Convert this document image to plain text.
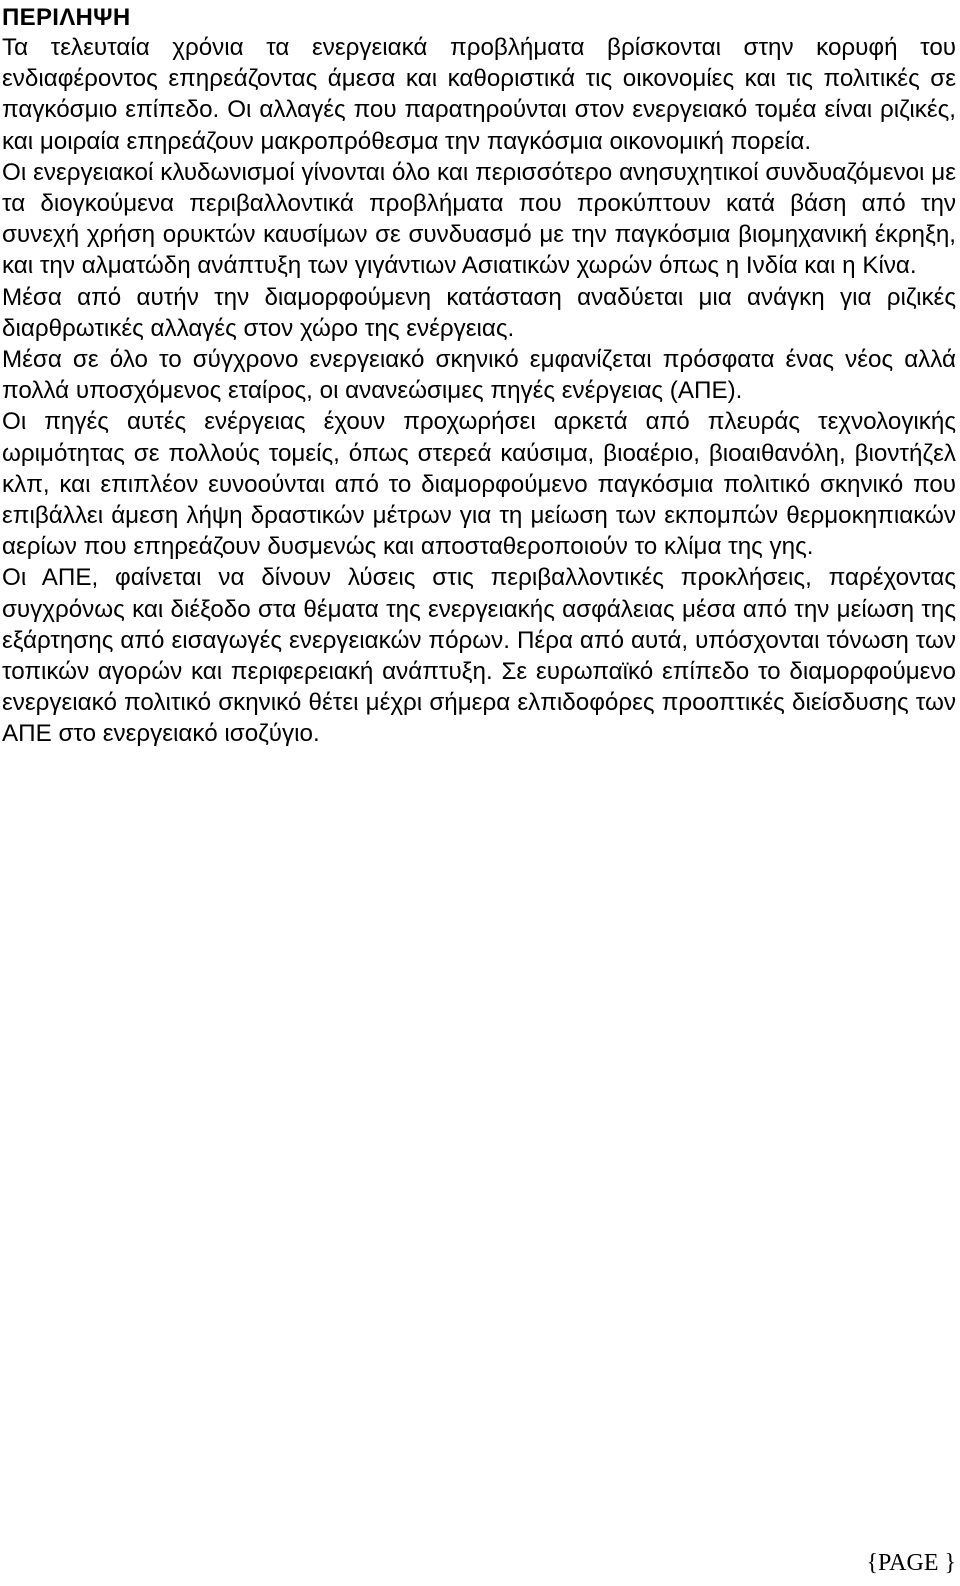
ΠΕΡΙΛΗΨΗ

Τα τελευταία χρόνια τα ενεργειακά προβλήματα βρίσκονται στην κορυφή του ενδιαφέροντος επηρεάζοντας άμεσα και καθοριστικά τις οικονομίες και τις πολιτικές σε παγκόσμιο επίπεδο. Οι αλλαγές που παρατηρούνται στον ενεργειακό τομέα είναι ριζικές, και μοιραία επηρεάζουν μακροπρόθεσμα την παγκόσμια οικονομική πορεία.

Οι ενεργειακοί κλυδωνισμοί γίνονται όλο και περισσότερο ανησυχητικοί συνδυαζόμενοι με τα διογκούμενα περιβαλλοντικά προβλήματα που προκύπτουν κατά βάση από την συνεχή χρήση ορυκτών καυσίμων σε συνδυασμό με την παγκόσμια βιομηχανική έκρηξη, και την αλματώδη ανάπτυξη των γιγάντιων Ασιατικών χωρών όπως η Ινδία και η Κίνα.

Μέσα από αυτήν την διαμορφούμενη κατάσταση αναδύεται μια ανάγκη για ριζικές διαρθρωτικές αλλαγές στον χώρο της ενέργειας.

Μέσα σε όλο το σύγχρονο ενεργειακό σκηνικό εμφανίζεται πρόσφατα ένας νέος αλλά πολλά υποσχόμενος εταίρος, οι ανανεώσιμες πηγές ενέργειας (ΑΠΕ).

Οι πηγές αυτές ενέργειας έχουν προχωρήσει αρκετά από πλευράς τεχνολογικής ωριμότητας σε πολλούς τομείς, όπως στερεά καύσιμα, βιοαέριο, βιοαιθανόλη, βιοντήζελ κλπ, και επιπλέον ευνοούνται από το διαμορφούμενο παγκόσμια πολιτικό σκηνικό που επιβάλλει άμεση λήψη δραστικών μέτρων για τη μείωση των εκπομπών θερμοκηπιακών αερίων που επηρεάζουν δυσμενώς και αποσταθεροποιούν το κλίμα της γης.

Οι ΑΠΕ, φαίνεται να δίνουν λύσεις στις περιβαλλοντικές προκλήσεις, παρέχοντας συγχρόνως και διέξοδο στα θέματα της ενεργειακής ασφάλειας μέσα από την μείωση της εξάρτησης από εισαγωγές ενεργειακών πόρων. Πέρα από αυτά, υπόσχονται τόνωση των τοπικών αγορών και περιφερειακή ανάπτυξη. Σε ευρωπαϊκό επίπεδο το διαμορφούμενο ενεργειακό πολιτικό σκηνικό θέτει μέχρι σήμερα ελπιδοφόρες προοπτικές διείσδυσης των ΑΠΕ στο ενεργειακό ισοζύγιο.

{PAGE }
